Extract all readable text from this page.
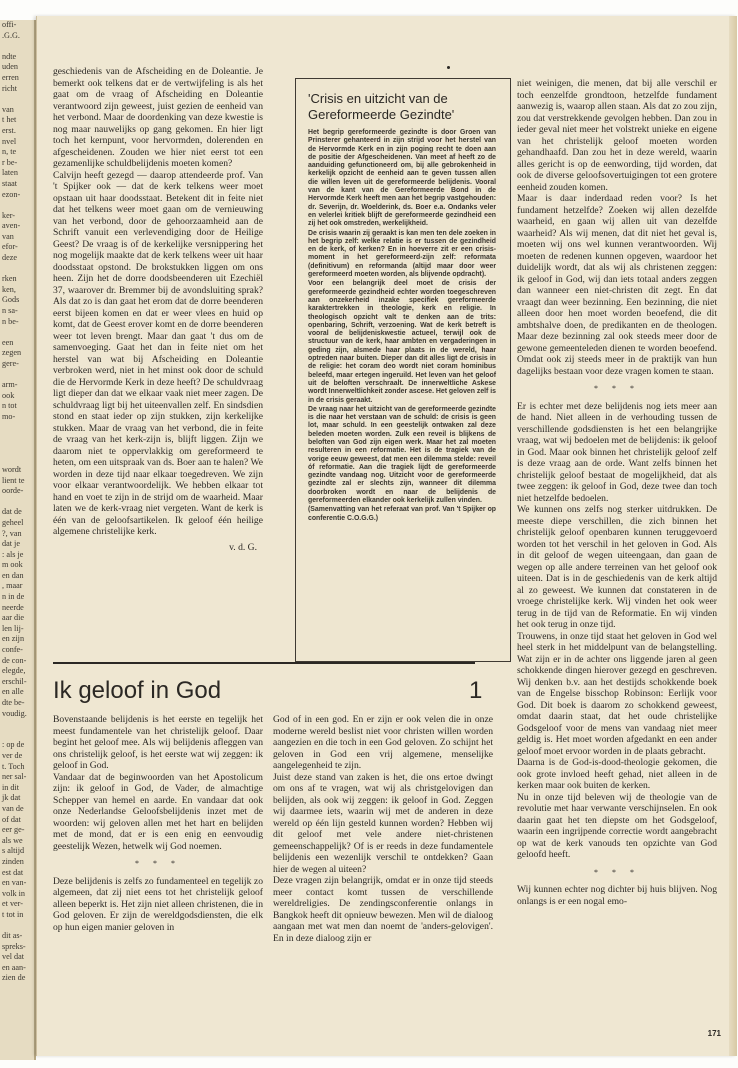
offi-
.G.G.

ndte
uden
erren
richt

van
t het
erst.
nvel
n, te
r be-
laten
staat
ezon-

ker-
aven-
van
efor-
deze

rken
ken,
Gods
n sa-
n be-

een
zegen
gere-

arm-
ook
n tot
mo-

wordt
lient te
oorde-

dat de
geheel
?, van
dat je
: als je
m ook
en dan
, maar
n in de
neerde
aar die
len lij-
en zijn
confe-
de con-
elegde,
erschil-
en alle
dte be-
voudig.

: op de
ver de
t. Toch
ner sal-
in dit
jk dat
van de
of dat
eer ge-
als we
s altijd
zinden
est dat
en van-
volk in
et ver-
t tot in

dit as-
spreks-
vel dat
en aan-
zien de

geschiedenis van de Afscheiding en de Doleantie. Je bemerkt ook telkens dat er de vertwijfeling is als het gaat om de vraag of Afscheiding en Doleantie verantwoord zijn geweest, juist gezien de eenheid van het verbond. Maar de doordenking van deze kwestie is nog maar nauwelijks op gang gekomen. En hier ligt toch het kernpunt, voor hervormden, dolerenden en afgescheidenen. Zouden we hier niet eerst tot een gezamenlijke schuldbelijdenis moeten komen?

Calvijn heeft gezegd — daarop attendeerde prof. Van 't Spijker ook — dat de kerk telkens weer moet opstaan uit haar doodsstaat. Betekent dit in feite niet dat het telkens weer moet gaan om de vernieuwing van het verbond, door de gehoorzaamheid aan de Schrift vanuit een verlevendiging door de Heilige Geest? De vraag is of de kerkelijke versnippering het nog mogelijk maakte dat de kerk telkens weer uit haar doodsstaat opstond. De brokstukken liggen om ons heen. Zijn het de dorre doodsbeenderen uit Ezechiël 37, waarover dr. Bremmer bij de avondsluiting sprak? Als dat zo is dan gaat het erom dat de dorre beenderen eerst bijeen komen en dat er weer vlees en huid op komt, dat de Geest erover komt en de dorre beenderen weer tot leven brengt. Maar dan gaat 't dus om de samenvoeging. Gaat het dan in feite niet om het herstel van wat bij Afscheiding en Doleantie verbroken werd, niet in het minst ook door de schuld die de Hervormde Kerk in deze heeft? De schuldvraag ligt dieper dan dat we elkaar vaak niet meer zagen. De schuldvraag ligt bij het uiteenvallen zelf. En sindsdien stond en staat ieder op zijn stukken, zijn kerkelijke stukken. Maar de vraag van het verbond, die in feite de vraag van het kerk-zijn is, blijft liggen. Zijn we daarom niet te oppervlakkig om gereformeerd te heten, om een uitspraak van ds. Boer aan te halen? We worden in deze tijd naar elkaar toegedreven. We zijn voor elkaar verantwoordelijk. We hebben elkaar tot hand en voet te zijn in de strijd om de waarheid. Maar laten we de kerk-vraag niet vergeten. Want de kerk is één van de geloofsartikelen. Ik geloof één heilige algemene christelijke kerk.

v. d. G.
'Crisis en uitzicht van de Gereformeerde Gezindte'

Het begrip gereformeerde gezindte is door Groen van Prinsterer gehanteerd in zijn strijd voor het herstel van de Hervormde Kerk en in zijn poging recht te doen aan de positie der Afgescheidenen. Van meet af heeft zo de aanduiding gefunctioneerd om, bij alle gebrokenheid in kerkelijk opzicht de eenheid aan te geven tussen allen die willen leven uit de gereformeerde belijdenis. Vooral van de kant van de Gereformeerde Bond in de Hervormde Kerk heeft men aan het begrip vastgehouden: dr. Severijn, dr. Woelderink, ds. Boer e.a. Ondanks veler en velerlei kritiek blijft de gereformeerde gezindheid een zij het ook omstreden, werkelijkheid.

De crisis waarin zij geraakt is kan men ten dele zoeken in het begrip zelf: welke relatie is er tussen de gezindheid en de kerk, of kerken? En in hoeverre zit er een crisis-moment in het gereformeerd-zijn zelf: reformata (definitivum) en reformanda (altijd maar door weer gereformeerd moeten worden, als blijvende opdracht).

Voor een belangrijk deel moet de crisis der gereformeerde gezindheid echter worden toegeschreven aan onzekerheid inzake specifiek gereformeerde karaktertrekken in theologie, kerk en religie. In theologisch opzicht valt te denken aan de trits: openbaring, Schrift, verzoening. Wat de kerk betreft is vooral de belijdeniskwestie actueel, terwijl ook de structuur van de kerk, haar ambten en vergaderingen in geding zijn, alsmede haar plaats in de wereld, haar optreden naar buiten. Dieper dan dit alles ligt de crisis in de religie: het coram deo wordt niet coram hominibus beleefd, maar ertegen ingeruild. Het leven van het geloof uit de beloften verschraalt. De innerweltliche Askese wordt Innerweltlichkeit zonder ascese. Het geloven zelf is in de crisis geraakt.

De vraag naar het uitzicht van de gereformeerde gezindte is die naar het verstaan van de schuld: de crisis is geen lot, maar schuld. In een geestelijk ontwaken zal deze beleden moeten worden. Zulk een reveil is blijkens de beloften van God zijn eigen werk. Maar het zal moeten resulteren in een reformatie. Het is de tragiek van de vorige eeuw geweest, dat men een dilemma stelde: reveil óf reformatie. Aan die tragiek lijdt de gereformeerde gezindte vandaag nog. Uitzicht voor de gereformeerde gezindte zal er slechts zijn, wanneer dit dilemma doorbroken wordt en naar de belijdenis de gereformeerden elkander ook kerkelijk zullen vinden.

(Samenvatting van het referaat van prof. Van 't Spijker op conferentie C.O.G.G.)

niet weinigen, die menen, dat bij alle verschil er toch eenzelfde grondtoon, hetzelfde fundament aanwezig is, waarop allen staan. Als dat zo zou zijn, zou dat verstrekkende gevolgen hebben. Dan zou in ieder geval niet meer het volstrekt unieke en eigene van het christelijk geloof moeten worden gehandhaafd. Dan zou het in deze wereld, waarin alles gericht is op de eenwording, tijd worden, dat ook de diverse geloofsovertuigingen tot een grotere eenheid zouden komen.

Maar is daar inderdaad reden voor? Is het fundament hetzelfde? Zoeken wij allen dezelfde waarheid, en gaan wij allen uit van dezelfde waarheid? Als wij menen, dat dit niet het geval is, moeten wij ons wel kunnen verantwoorden. Wij moeten de redenen kunnen opgeven, waardoor het duidelijk wordt, dat als wij als christenen zeggen: ik geloof in God, wij dan iets totaal anders zeggen dan wanneer een niet-christen dit zegt. En dat vraagt dan weer bezinning. Een bezinning, die niet alleen door hen moet worden beoefend, die dit ambtshalve doen, de predikanten en de theologen. Maar deze bezinning zal ook steeds meer door de gewone gemeenteleden dienen te worden beoefend. Omdat ook zij steeds meer in de praktijk van hun dagelijks bestaan voor deze vragen komen te staan.

* * *

Er is echter met deze belijdenis nog iets meer aan de hand. Niet alleen in de verhouding tussen de verschillende godsdiensten is het een belangrijke vraag, wat wij bedoelen met de belijdenis: ik geloof in God. Maar ook binnen het christelijk geloof zelf is deze vraag aan de orde. Want zelfs binnen het christelijk geloof bestaat de mogelijkheid, dat als twee zeggen: ik geloof in God, deze twee dan toch niet hetzelfde bedoelen.

We kunnen ons zelfs nog sterker uitdrukken. De meeste diepe verschillen, die zich binnen het christelijk geloof openbaren kunnen teruggevoerd worden tot het verschil in het geloven in God. Als in dit geloof de wegen uiteengaan, dan gaan de wegen op alle andere terreinen van het geloof ook uiteen. Dat is in de geschiedenis van de kerk altijd al zo geweest. We kunnen dat constateren in de vroege christelijke kerk. Wij vinden het ook weer terug in de tijd van de Reformatie. En wij vinden het ook terug in onze tijd.

Trouwens, in onze tijd staat het geloven in God wel heel sterk in het middelpunt van de belangstelling. Wat zijn er in de achter ons liggende jaren al geen schokkende dingen hierover gezegd en geschreven. Wij denken b.v. aan het destijds schokkende boek van de Engelse bisschop Robinson: Eerlijk voor God. Dit boek is daarom zo schokkend geweest, omdat daarin staat, dat het oude christelijke Godsgeloof voor de mens van vandaag niet meer geldig is. Het moet worden afgedankt en een ander geloof moet ervoor worden in de plaats gebracht.

Daarna is de God-is-dood-theologie gekomen, die ook grote invloed heeft gehad, niet alleen in de kerken maar ook buiten de kerken.

Nu in onze tijd beleven wij de theologie van de revolutie met haar verwante verschijnselen. En ook daarin gaat het ten diepste om het Godsgeloof, waarin een ingrijpende correctie wordt aangebracht op wat de kerk vanouds ten opzichte van God geloofd heeft.

* * *

Wij kunnen echter nog dichter bij huis blijven. Nog onlangs is er een nogal emo-

Ik geloof in God	1

Bovenstaande belijdenis is het eerste en tegelijk het meest fundamentele van het christelijk geloof. Daar begint het geloof mee. Als wij belijdenis afleggen van ons christelijk geloof, is het eerste wat wij zeggen: ik geloof in God.

Vandaar dat de beginwoorden van het Apostolicum zijn: ik geloof in God, de Vader, de almachtige Schepper van hemel en aarde. En vandaar dat ook onze Nederlandse Geloofsbelijdenis inzet met de woorden: wij geloven allen met het hart en belijden met de mond, dat er is een enig en eenvoudig geestelijk Wezen, hetwelk wij God noemen.

* * *

Deze belijdenis is zelfs zo fundamenteel en tegelijk zo algemeen, dat zij niet eens tot het christelijk geloof alleen beperkt is. Het zijn niet alleen christenen, die in God geloven. Er zijn de wereldgodsdiensten, die elk op hun eigen manier geloven in

God of in een god. En er zijn er ook velen die in onze moderne wereld beslist niet voor christen willen worden aangezien en die toch in een God geloven. Zo schijnt het geloven in God een vrij algemene, menselijke aangelegenheid te zijn.

Juist deze stand van zaken is het, die ons ertoe dwingt om ons af te vragen, wat wij als christgelovigen dan belijden, als ook wij zeggen: ik geloof in God. Zeggen wij daarmee iets, waarin wij met de anderen in deze wereld op één lijn gesteld kunnen worden? Hebben wij dit geloof met vele andere niet-christenen gemeenschappelijk? Of is er reeds in deze fundamentele belijdenis een wezenlijk verschil te ontdekken? Gaan hier de wegen al uiteen?

Deze vragen zijn belangrijk, omdat er in onze tijd steeds meer contact komt tussen de verschillende wereldreligies. De zendingsconferentie onlangs in Bangkok heeft dit opnieuw bewezen. Men wil de dialoog aangaan met wat men dan noemt de 'anders-gelovigen'. En in deze dialoog zijn er

171
